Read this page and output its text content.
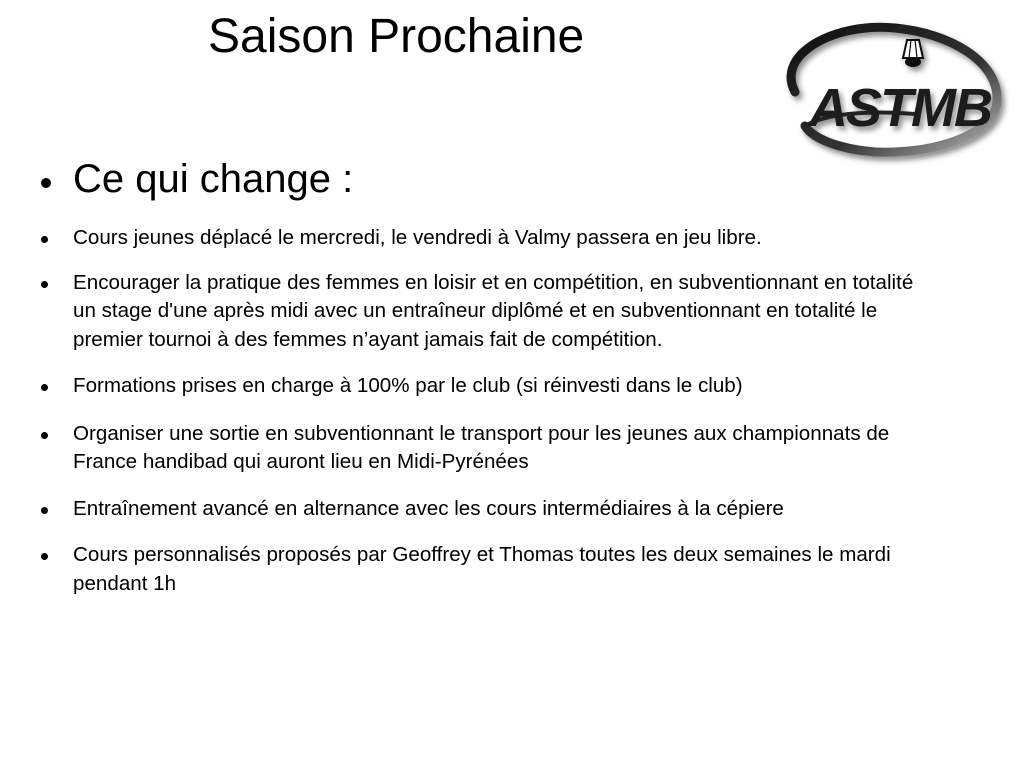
Saison Prochaine
ASTMB
Ce qui change :
Cours jeunes déplacé le mercredi, le vendredi à Valmy passera en jeu libre.
Encourager la pratique des femmes en loisir et en compétition, en subventionnant en totalité un stage d'une après midi avec un entraîneur diplômé et en subventionnant en totalité le premier tournoi à des femmes n’ayant jamais fait de compétition.
Formations prises en charge à 100% par le club (si réinvesti dans le club)
Organiser une sortie en subventionnant le transport pour les jeunes aux championnats de France handibad qui auront lieu en Midi-Pyrénées
Entraînement avancé en alternance avec les cours intermédiaires à la cépiere
Cours personnalisés proposés par Geoffrey et Thomas toutes les deux semaines le mardi pendant 1h
